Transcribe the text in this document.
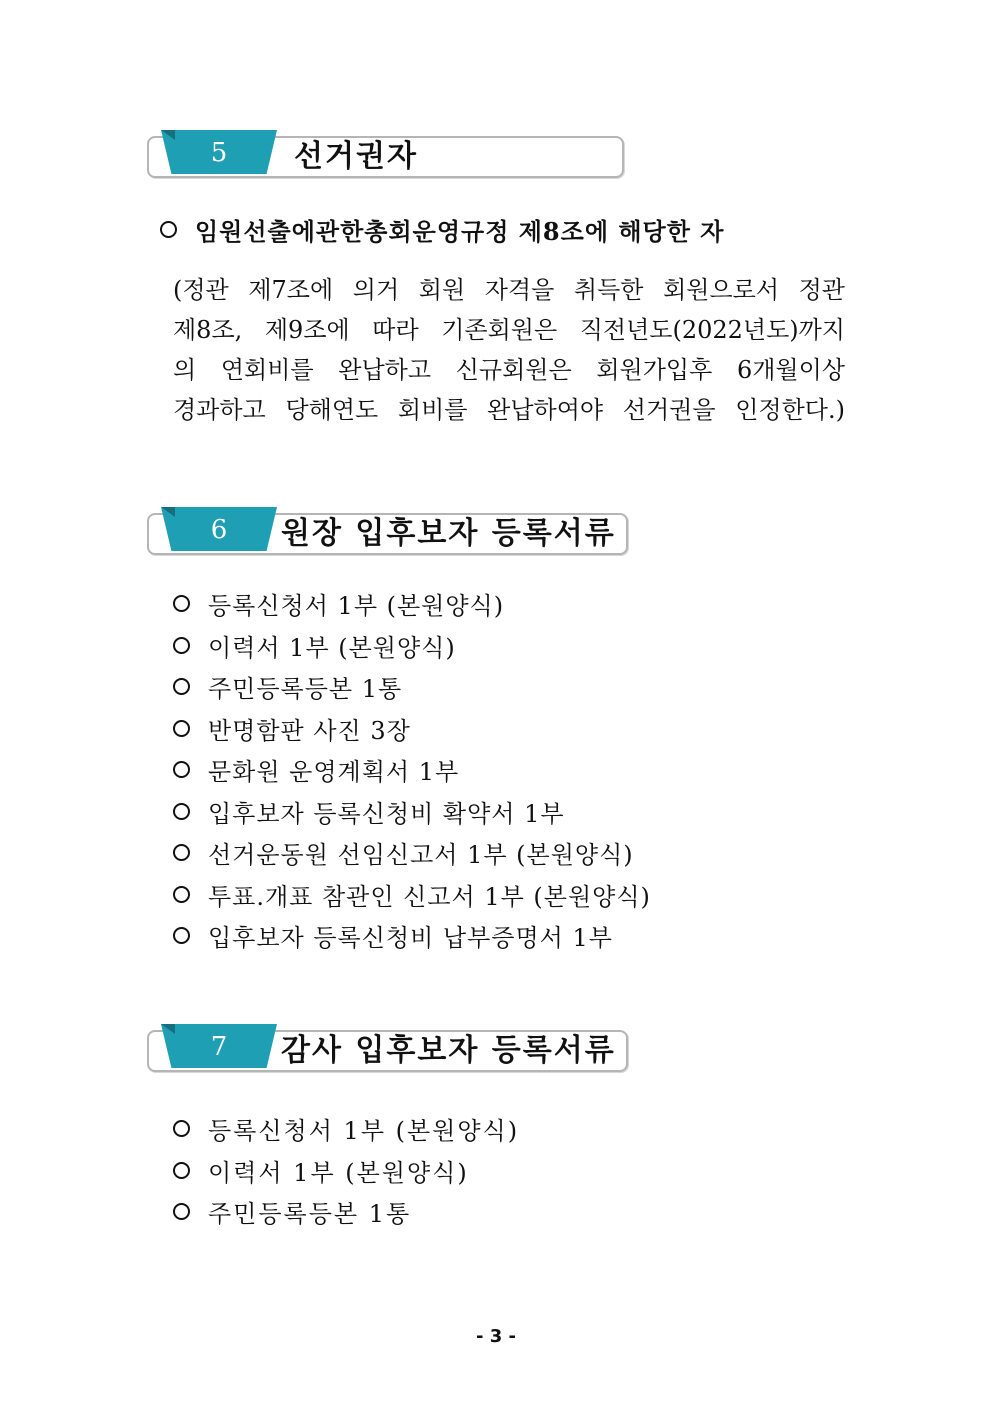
5	선거권자
임원선출에관한총회운영규정 제8조에 해당한 자
(정관 제7조에 의거 회원 자격을 취득한 회원으로서 정관
제8조, 제9조에 따라 기존회원은 직전년도(2022년도)까지
의 연회비를 완납하고 신규회원은 회원가입후 6개월이상
경과하고 당해연도 회비를 완납하여야 선거권을 인정한다.)
6	원장 입후보자 등록서류
등록신청서 1부 (본원양식)
이력서 1부 (본원양식)
주민등록등본 1통
반명함판 사진 3장
문화원 운영계획서 1부
입후보자 등록신청비 확약서 1부
선거운동원 선임신고서 1부 (본원양식)
투표.개표 참관인 신고서 1부 (본원양식)
입후보자 등록신청비 납부증명서 1부
7	감사 입후보자 등록서류
등록신청서 1부 (본원양식)
이력서 1부 (본원양식)
주민등록등본 1통
- 3 -
